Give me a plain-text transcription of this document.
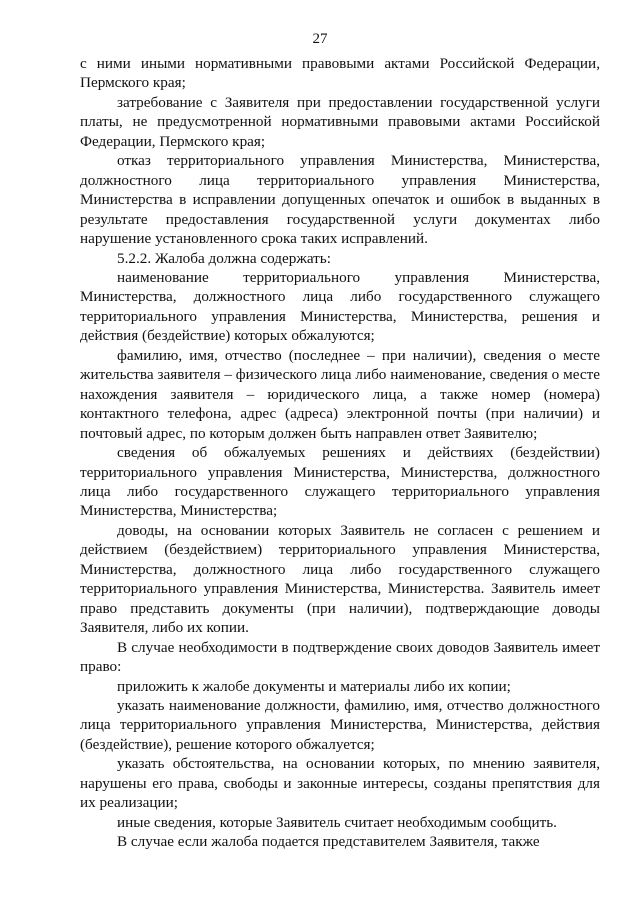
27

с ними иными нормативными правовыми актами Российской Федерации, Пермского края;

затребование с Заявителя при предоставлении государственной услуги платы, не предусмотренной нормативными правовыми актами Российской Федерации, Пермского края;

отказ территориального управления Министерства, Министерства, должностного лица территориального управления Министерства, Министерства в исправлении допущенных опечаток и ошибок в выданных в результате предоставления государственной услуги документах либо нарушение установленного срока таких исправлений.

5.2.2. Жалоба должна содержать:

наименование территориального управления Министерства, Министерства, должностного лица либо государственного служащего территориального управления Министерства, Министерства, решения и действия (бездействие) которых обжалуются;

фамилию, имя, отчество (последнее – при наличии), сведения о месте жительства заявителя – физического лица либо наименование, сведения о месте нахождения заявителя – юридического лица, а также номер (номера) контактного телефона, адрес (адреса) электронной почты (при наличии) и почтовый адрес, по которым должен быть направлен ответ Заявителю;

сведения об обжалуемых решениях и действиях (бездействии) территориального управления Министерства, Министерства, должностного лица либо государственного служащего территориального управления Министерства, Министерства;

доводы, на основании которых Заявитель не согласен с решением и действием (бездействием) территориального управления Министерства, Министерства, должностного лица либо государственного служащего территориального управления Министерства, Министерства. Заявитель имеет право представить документы (при наличии), подтверждающие доводы Заявителя, либо их копии.

В случае необходимости в подтверждение своих доводов Заявитель имеет право:

приложить к жалобе документы и материалы либо их копии;

указать наименование должности, фамилию, имя, отчество должностного лица территориального управления Министерства, Министерства, действия (бездействие), решение которого обжалуется;

указать обстоятельства, на основании которых, по мнению заявителя, нарушены его права, свободы и законные интересы, созданы препятствия для их реализации;

иные сведения, которые Заявитель считает необходимым сообщить.

В случае если жалоба подается представителем Заявителя, также
